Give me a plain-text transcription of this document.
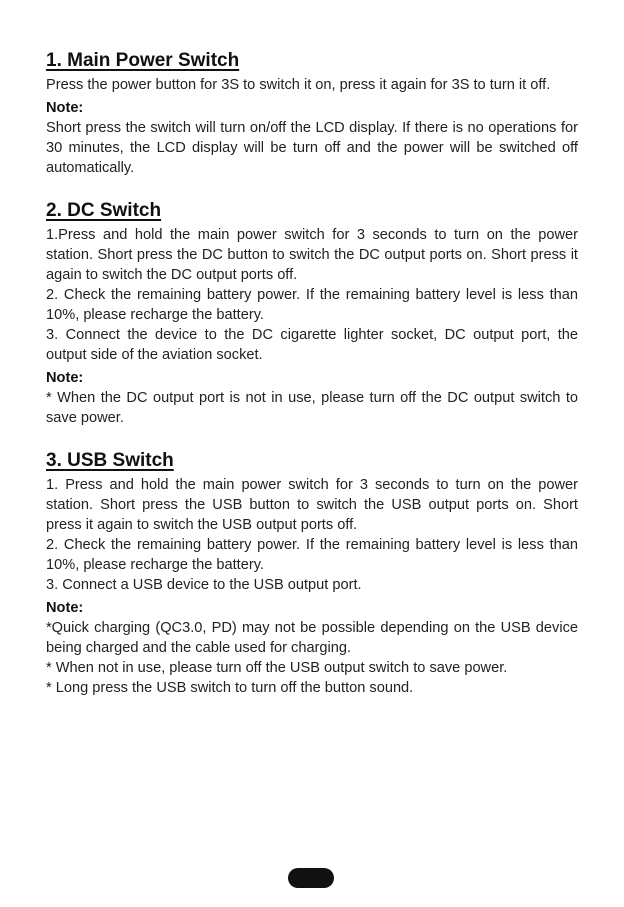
1. Main Power Switch

Press the power button for 3S to switch it on, press it again for 3S to turn it off.

Note:

Short press the switch will turn on/off the LCD display. If there is no operations for 30 minutes, the LCD display will be turn off and the power will be switched off automatically.

2. DC Switch

1.Press and hold the main power switch for 3 seconds to turn on the power station. Short press the DC button to switch the DC output ports on. Short press it again to switch the DC output ports off.

2. Check the remaining battery power. If the remaining battery level is less than 10%, please recharge the battery.

3. Connect the device to the DC cigarette lighter socket, DC output port, the output side of the aviation socket.

Note:

* When the DC output port is not in use, please turn off the DC output switch to save power.

3. USB Switch

1. Press and hold the main power switch for 3 seconds to turn on the power station. Short press the USB button to switch the USB output ports on. Short press it again to switch the USB output ports off.

2. Check the remaining battery power. If the remaining battery level is less than 10%, please recharge the battery.

3. Connect a USB device to the USB output port.

Note:

*Quick charging (QC3.0, PD) may not be possible depending on the USB device being charged and the cable used for charging.

* When not in use, please turn off the USB output switch to save power.

* Long press the USB switch to turn off the button sound.
